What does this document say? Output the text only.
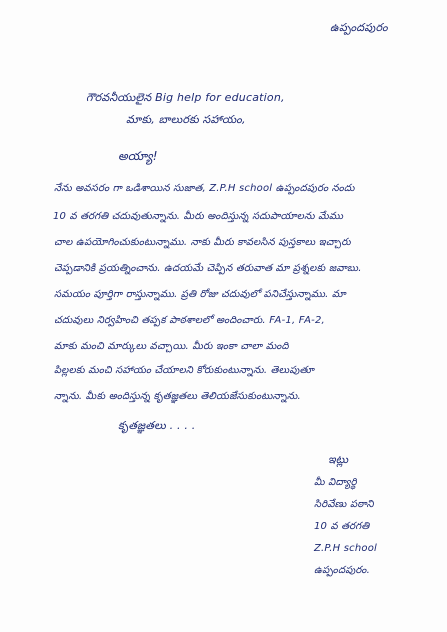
ఉప్పందపురం
గౌరవనీయులైన Big help for education,
మాకు, బాలురకు సహాయం,
అయ్యా!
నేను అవసరం గా ఒడిశాయిన సుజాత, Z.P.H school ఉప్పందపురం నందు
10 వ తరగతి చదువుతున్నాను. మీరు అందిస్తున్న సదుపాయాలను మేము
చాల ఉపయోగించుకుంటున్నాము. నాకు మీరు కావలసిన పుస్తకాలు ఇచ్చారు
చెప్పడానికి ప్రయత్నించాను. ఉదయమే చెప్పిన తరువాత మా ప్రశ్నలకు జవాబు.
సమయం పూర్తిగా రాస్తున్నాము. ప్రతి రోజు చదువులో పనిచేస్తున్నాము. మా
చదువులు నిర్వహించి తప్పక పాఠశాలలో అందించారు. FA-1, FA-2,
మాకు మంచి మార్కులు వచ్చాయి. మీరు ఇంకా చాలా మంది
పిల్లలకు మంచి సహాయం చేయాలని కోరుకుంటున్నాను. తెలుపుతూ
న్నాను. మీకు అందిస్తున్న కృతజ్ఞతలు తెలియజేసుకుంటున్నాను.
కృతజ్ఞతలు . . . .
ఇట్లు
మీ విద్యార్థి
సిరివేణు పఠాని
10 వ తరగతి
Z.P.H school
ఉప్పందపురం.
